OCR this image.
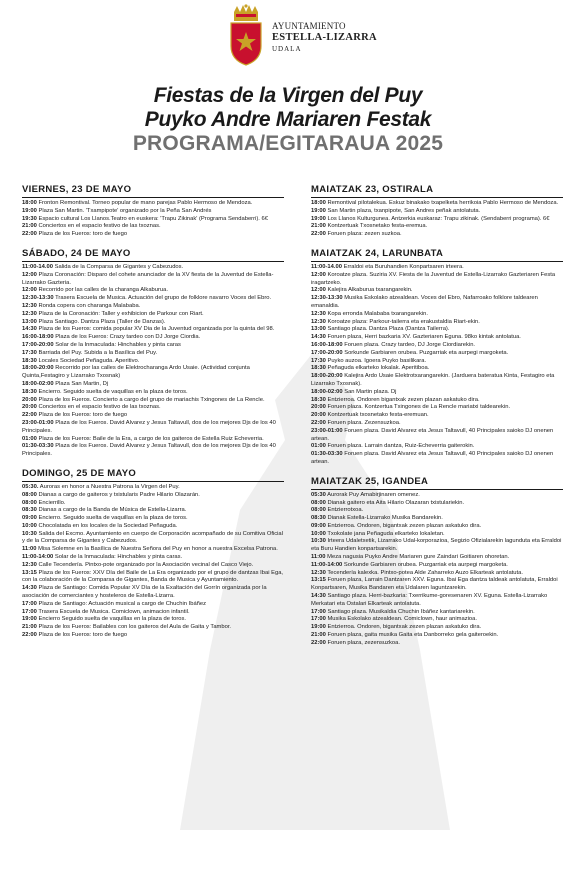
AYUNTAMIENTO
ESTELLA-LIZARRA
UDALA
Fiestas de la Virgen del Puy
Puyko Andre Mariaren Festak
PROGRAMA/EGITARAUA 2025
VIERNES, 23 DE MAYO

18:00 Fronton Remontival. Torneo popular de mano parejas Pablo Hermoso de Mendoza.

19:00 Plaza San Martin. 'Txampipote' organizado por la Peña San Andrés

19:30 Espacio cultural Los Llanos.Teatro en euskera: 'Trapu Zikinak' (Programa Sendaberri). 6€

21:00 Conciertos en el espacio festivo de las txoznas.

22:00 Plaza de los Fueros: toro de fuego

SÁBADO, 24 DE MAYO

11:00-14.00 Salida de la Comparsa de Gigantes y Cabezudos.

12:00 Plaza Coronación: Disparo del cohete anunciador de la XV fiesta de la Juventud de Estella-Lizarrako Gazteria.

12:00 Recorrido por las calles de la charanga Alkaburua.

12:30-13:30 Trasera Escuela de Musica. Actuación del grupo de folklore navarro Voces del Ebro.

12:30 Ronda copera con charanga Malababa.

12:30 Plaza de la Coronación: Taller y exhibicion de Parkour con Riart.

13:00 Plaza Santiago. Dantza Plaza (Taller de Danzas).

14:30 Plaza de los Fueros: comida popular XV Dia de la Juventud organizada por la quinta del 98.

16:00-18:00 Plaza de los Fueros: Crazy tardeo con DJ Jorge Ciordia.

17:00-20:00 Solar de la Inmaculada: Hinchables y pinta caras

17:30 Barriada del Puy. Subida a la Basílica del Puy.

18:30 Locales Sociedad Peñaguda. Aperitivo.

18:00-20:00 Recorrido por las calles de Elektrocharanga Ardo Usaie. (Actividad conjunta Quinta,Festagiro y Lizarrako Txosnak)

18:00-02:00 Plaza San Martin, Dj

18:30 Encierro. Seguido suelta de vaquillas en la plaza de toros.

20:00 Plaza de los Fueros. Concierto a cargo del grupo de mariachis Txingones de La Rencle.

20:00 Conciertos en el espacio festivo de las txoznas.

22:00 Plaza de los Fueros: toro de fuego

23:00-01:00 Plaza de los Fueros. David Alvarez y Jesus Taltavull, dos de los mejores Djs de los 40 Principales.

01:00 Plaza de los Fueros: Baile de la Era, a cargo de los gaiteros de Estella Ruiz Echeverria.

01:30-03:30 Plaza de los Fueros. David Alvarez y Jesus Taltavull, dos de los mejores Djs de los 40 Principales.

DOMINGO, 25 DE MAYO

05:30. Auroras en honor a Nuestra Patrona la Virgen del Puy.

08:00 Dianas a cargo de gaiteros y txistularis Padre Hilario Olazarán.

08:00 Encierrillo.

08:30 Dianas a cargo de la Banda de Música de Estella-Lizarra.

09:00 Encierro. Seguido suelta de vaquillas en la plaza de toros.

10:00 Chocolatada en los locales de la Sociedad Peñaguda.

10:30 Salida del Excmo. Ayuntamiento en cuerpo de Corporación acompañado de su Comitiva Oficial y de la Comparsa de Gigantes y Cabezudos.

11:00 Misa Solemne en la Basílica de Nuestra Señora del Puy en honor a nuestra Excelsa Patrona.

11:00-14:00 Solar de la Inmaculada: Hinchables y pinta caras.

12:30 Calle Tecendería. Pintxo-pote organizado por la Asociación vecinal del Casco Viejo.

13:15 Plaza de los Fueros: XXV Día del Baile de La Era organizado por el grupo de dantzas Ibai Ega, con la colaboración de la Comparsa de Gigantes, Banda de Musica y Ayuntamiento.

14:30 Plaza de Santiago: Comida Popular XV Día de la Exaltación del Gorrín organizada por la asociación de comerciantes y hosteleros de Estella-Lizarra.

17:00 Plaza de Santiago: Actuación musical a cargo de Chuchin Ibáñez

17:00 Trasera Escuela de Musica. Comiclown, animacion infantil.

19:00 Encierro Seguido suelta de vaquillas en la plaza de toros.

21:00 Plaza de los Fueros: Bailables con los gaiteros del Aula de Gaita y Tambor.

22:00 Plaza de los Fueros: toro de fuego

MAIATZAK 23, OSTIRALA

18:00 Remontival pilotalekua. Eskuz binakako txapelketa herrikoia Pablo Hermoso de Mendoza.

19:00 San Martin plaza, txanpipote, San Andres peñak antolatuta.

19:00 Los Llanos Kulturgunea. Antzerkia euskaraz: Trapu zikinak. (Sendaberri programa). 6€

21:00 Kontzertuak Txosnetako festa-eremua.

22:00 Foruen plaza: zezen suzkoa.

MAIATZAK 24, LARUNBATA

11:00-14.00 Erraldoi eta Buruhandien Konpartsaren irteera.

12:00 Koroatze plaza. Suziria XV. Fiesta de la Juventud de Estella-Lizarrako Gazteriaren Festa iragartzeko.

12:00 Kalejira Alkaburua txarangarekin.

12:30-13:30 Musika Eskolako atzealdean. Voces del Ebro, Nafarroako folklore taldearen emanaldia.

12:30 Kopa erronda Malababa txarangarekin.

12:30 Koroatze plaza: Parkour-tailerra eta erakustaldia Riart-ekin.

13:00 Santiago plaza. Dantza Plaza (Dantza Tailerra).

14:30 Foruen plaza, Herri bazkaria XV. Gazteriaren Eguna. 98ko kintak antolatua.

16:00-18:00 Foruen plaza. Crazy tardeo, DJ Jorge Ciordiarekin.

17:00-20:00 Sorkunde Garbiaren orubea. Puzgarriak eta aurpegi margoketa.

17:30 Puyko auzoa. Igoera Puyko basilikara.

18:30 Peñaguda elkarteko lokalak. Aperitiboa.

18:00-20:00 Kalejira Ardo Usaie Elektrotxarangarekin. (Jarduera bateratua Kinta, Festagiro eta Lizarrako Txosnak).

18:00-02:00 San Martin plaza. Dj

18:30 Entzierroa. Ondoren bigantxak zezen plazan askatuko dira.

20:00 Foruen plaza. Kontzertua Txingones de La Rencle mariatxi taldearekin.

20:00 Kontzertuak txosnetako festa-eremuan.

22:00 Foruen plaza. Zezensuzkoa.

23:00-01:00 Foruen plaza. David Alvarez eta Jesus Taltavull, 40 Principales saioko DJ onenen artean.

01:00 Foruen plaza. Larrain dantza, Ruiz-Echeverria gaiterokin.

01:30-03:30 Foruen plaza. David Alvarez eta Jesus Taltavull, 40 Principales saioko DJ onenen artean.

MAIATZAK 25, IGANDEA

05:30 Aurorak Puy Amabirjinaren omenez.

08:00 Dianak gaitero eta Aita Hilario Olazaran txistulariekin.

08:00 Entzierrotxoa.

08:30 Dianak Estella-Lizarrako Musika Bandarekin.

09:00 Entzierroa. Ondoren, bigantxak zezen plazan askatuko dira.

10:00 Txokolate jana Peñaguda elkarteko lokaletan.

10:30 Irteera Udaletxetik, Lizarrako Udal-korporazioa, Segizio Ofizialarekin lagunduta eta Erraldoi eta Buru Handien konpartsarekin.

11:00 Meza nagusia Puyko Andre Mariaren gure Zaindari Goitiaren ohoretan.

11:00-14:00 Sorkunde Garbiaren orubea. Puzgarriak eta aurpegi margoketa.

12:30 Tecendería kalexka. Pintxo-potea Alde Zaharreko Auzo Elkarteak antolatuta.

13:15 Foruen plaza, Larrain Dantzaren XXV. Eguna. Ibai Ega dantza taldeak antolatuta, Erraldoi Konpartsaren, Musika Bandaren eta Udalaren laguntzarekin.

14:30 Santiago plaza. Herri-bazkaria: Txerrikume-goresenaren XV. Eguna. Estella-Lizarrako Merkatari eta Ostalari Elkarteak antolatuta.

17:00 Santiago plaza. Musikaldia Chuchin Ibáñez kantariarekin.

17:00 Musika Eskolako atzealdean. Comiclown, haur animazioa.

19:00 Entzierroa. Ondoren, bigantxak zezen plazan askatuko dira.

21:00 Foruen plaza, gaita musika Gaita eta Danborreko gela gaiteroekin.

22:00 Foruen plaza, zezensuzkoa.
